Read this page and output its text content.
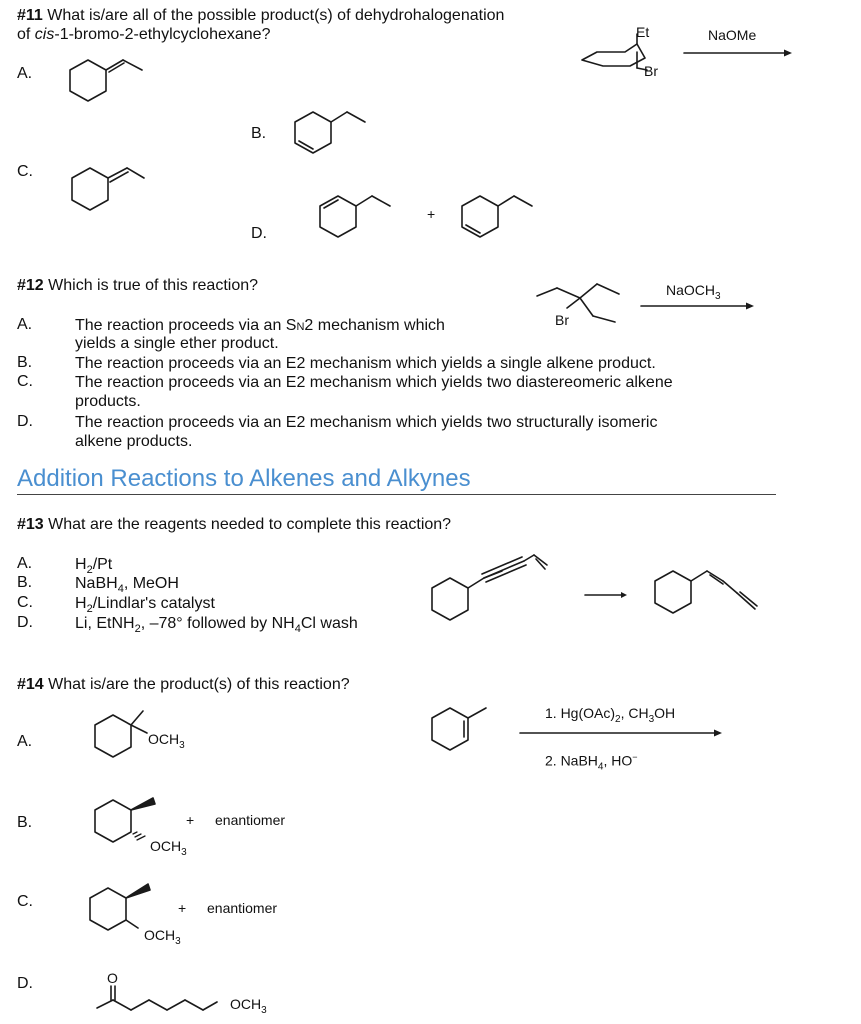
#11 What is/are all of the possible product(s) of dehydrohalogenation
of cis-1-bromo-2-ethylcyclohexane?	Et
Br
NaOMe
A.
B.
C.
D.
+
#12 Which is true of this reaction?
Br
NaOCH$_3$
A.	The reaction proceeds via an SN2 mechanism which
yields a single ether product.
B.	The reaction proceeds via an E2 mechanism which yields a single alkene product.
C.	The reaction proceeds via an E2 mechanism which yields two diastereomeric alkene
products.
D.	The reaction proceeds via an E2 mechanism which yields two structurally isomeric
alkene products.
Addition Reactions to Alkenes and Alkynes
#13 What are the reagents needed to complete this reaction?
A.	$H_2/Pt$
B.	NaBH$_4$, MeOH
C.	$H_2/Lindlar's$ catalyst
D.	Li, EtNH$_2$, –78° followed by $NH_4Cl$ wash
#14 What is/are the product(s) of this reaction?
1. $Hg(OAc)_2$, $CH_3OH$
2. NaBH$_4$, HO−
A.	$OCH_3$
B.
$OCH_3$
+ enantiomer
C.
$OCH_3$
+ enantiomer
D.	O
$OCH_3$
